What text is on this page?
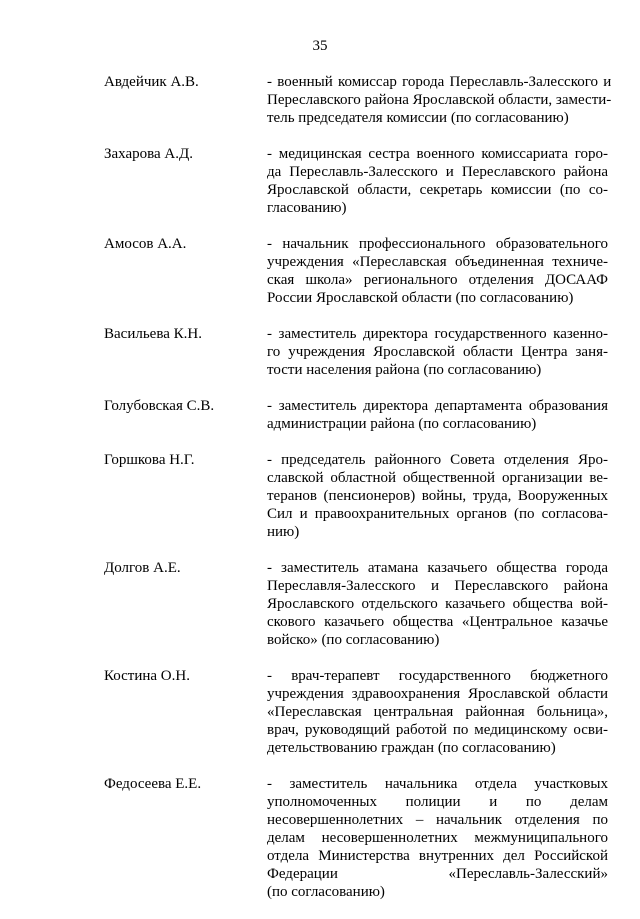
35
Авдейчик А.В.	- военный комиссар города Переславль-Залесского и
Переславского района Ярославской области, замести-
тель председателя комиссии (по согласованию)
Захарова А.Д.	- медицинская сестра военного комиссариата горо-
да Переславль-Залесского и Переславского района
Ярославской области, секретарь комиссии (по со-
гласованию)
Амосов А.А.	- начальник профессионального образовательного
учреждения «Переславская объединенная техниче-
ская школа» регионального отделения ДОСААФ
России Ярославской области (по согласованию)
Васильева К.Н.	- заместитель директора государственного казенно-
го учреждения Ярославской области Центра заня-
тости населения района (по согласованию)
Голубовская С.В.	- заместитель директора департамента образования
администрации района (по согласованию)
Горшкова Н.Г.	- председатель районного Совета отделения Яро-
славской областной общественной организации ве-
теранов (пенсионеров) войны, труда, Вооруженных
Сил и правоохранительных органов (по согласова-
нию)
Долгов А.Е.	- заместитель атамана казачьего общества города
Переславля-Залесского и Переславского района
Ярославского отдельского казачьего общества вой-
скового казачьего общества «Центральное казачье
войско» (по согласованию)
Костина О.Н.	- врач-терапевт государственного бюджетного
учреждения здравоохранения Ярославской области
«Переславская центральная районная больница»,
врач, руководящий работой по медицинскому осви-
детельствованию граждан (по согласованию)
Федосеева Е.Е.	- заместитель начальника отдела участковых
уполномоченных полиции и по делам
несовершеннолетних – начальник отделения по
делам несовершеннолетних межмуниципального
отдела Министерства внутренних дел Российской
Федерации «Переславль-Залесский»
(по согласованию)
